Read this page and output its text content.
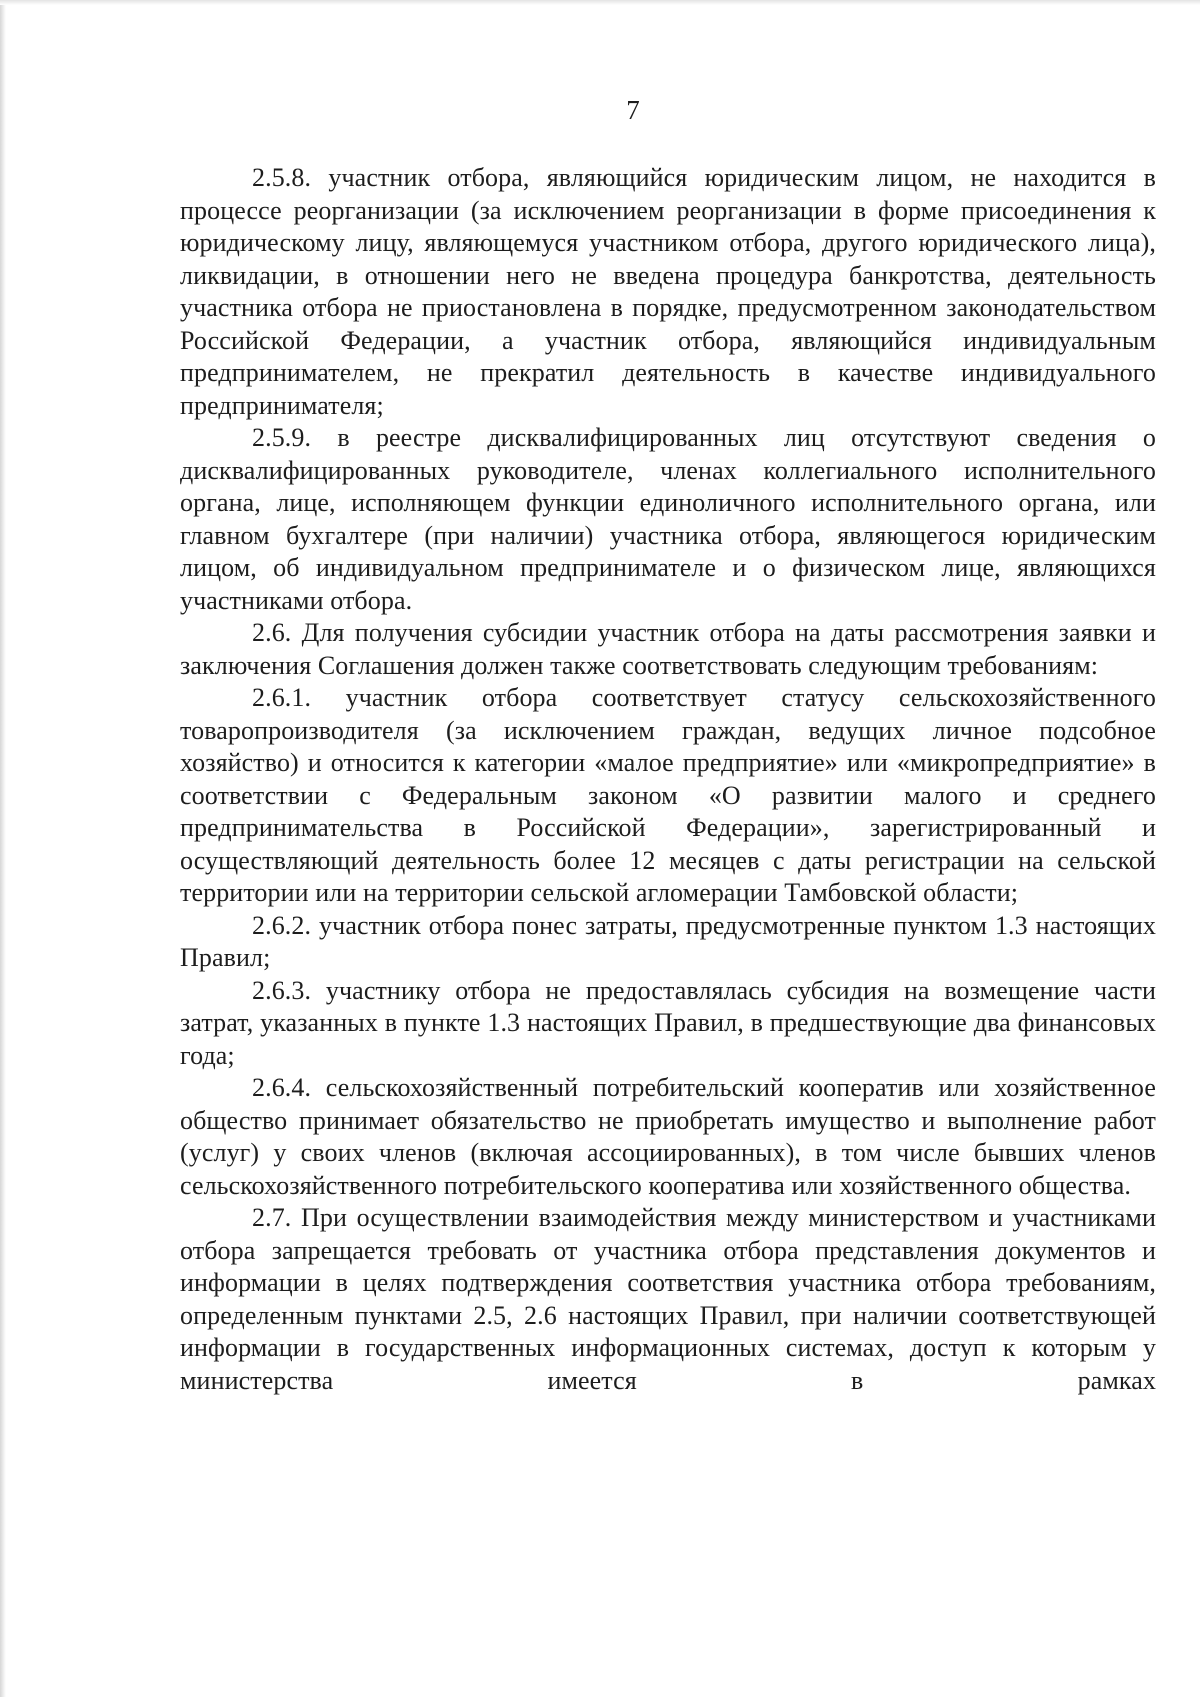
7

2.5.8. участник отбора, являющийся юридическим лицом, не находится в процессе реорганизации (за исключением реорганизации в форме присоединения к юридическому лицу, являющемуся участником отбора, другого юридического лица), ликвидации, в отношении него не введена процедура банкротства, деятельность участника отбора не приостановлена в порядке, предусмотренном законодательством Российской Федерации, а участник отбора, являющийся индивидуальным предпринимателем, не прекратил деятельность в качестве индивидуального предпринимателя;

2.5.9. в реестре дисквалифицированных лиц отсутствуют сведения о дисквалифицированных руководителе, членах коллегиального исполнительного органа, лице, исполняющем функции единоличного исполнительного органа, или главном бухгалтере (при наличии) участника отбора, являющегося юридическим лицом, об индивидуальном предпринимателе и о физическом лице, являющихся участниками отбора.

2.6. Для получения субсидии участник отбора на даты рассмотрения заявки и заключения Соглашения должен также соответствовать следующим требованиям:

2.6.1. участник отбора соответствует статусу сельскохозяйственного товаропроизводителя (за исключением граждан, ведущих личное подсобное хозяйство) и относится к категории «малое предприятие» или «микропредприятие» в соответствии с Федеральным законом «О развитии малого и среднего предпринимательства в Российской Федерации», зарегистрированный и осуществляющий деятельность более 12 месяцев с даты регистрации на сельской территории или на территории сельской агломерации Тамбовской области;

2.6.2. участник отбора понес затраты, предусмотренные пунктом 1.3 настоящих Правил;

2.6.3. участнику отбора не предоставлялась субсидия на возмещение части затрат, указанных в пункте 1.3 настоящих Правил, в предшествующие два финансовых года;

2.6.4. сельскохозяйственный потребительский кооператив или хозяйственное общество принимает обязательство не приобретать имущество и выполнение работ (услуг) у своих членов (включая ассоциированных), в том числе бывших членов сельскохозяйственного потребительского кооператива или хозяйственного общества.

2.7. При осуществлении взаимодействия между министерством и участниками отбора запрещается требовать от участника отбора представления документов и информации в целях подтверждения соответствия участника отбора требованиям, определенным пунктами 2.5, 2.6 настоящих Правил, при наличии соответствующей информации в государственных информационных системах, доступ к которым у министерства имеется в рамках
